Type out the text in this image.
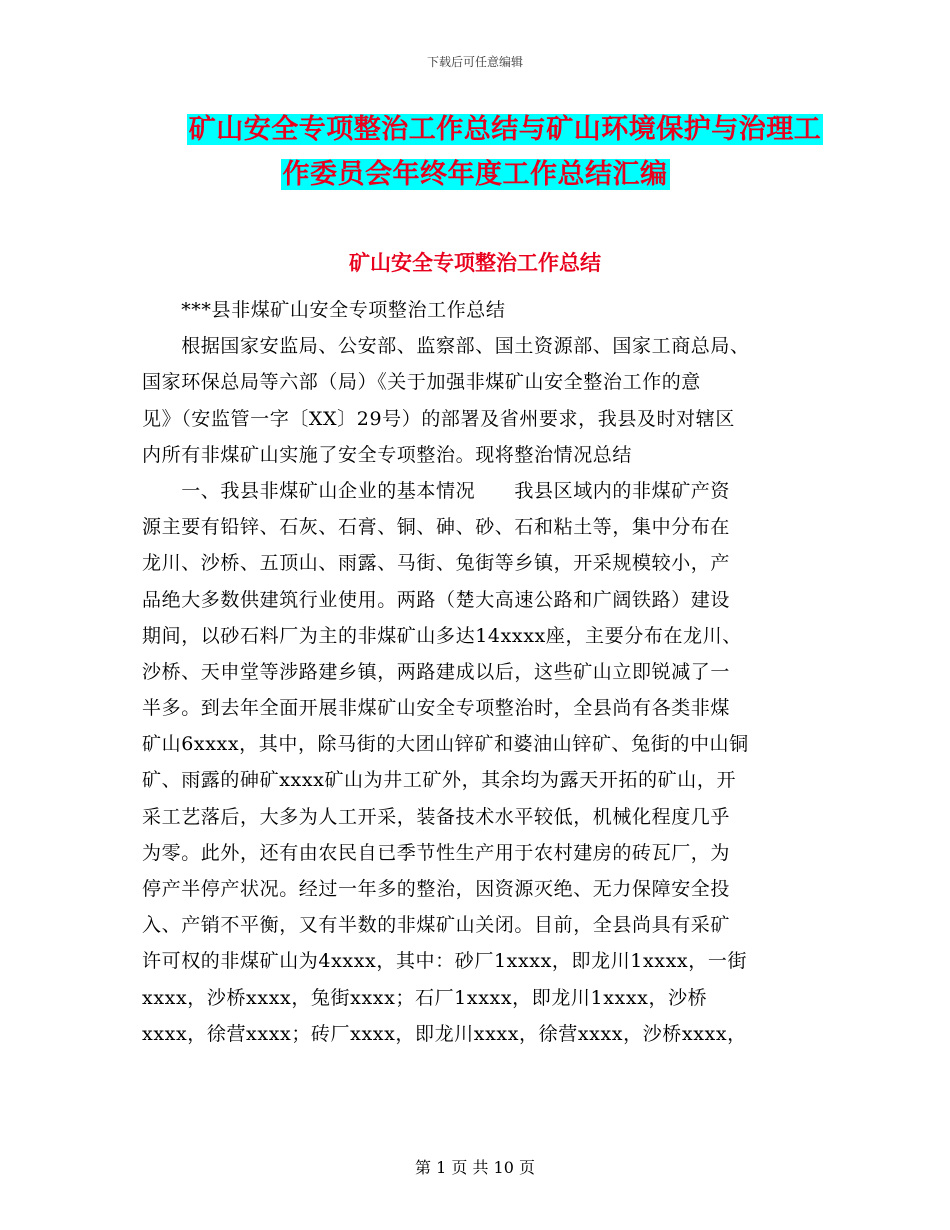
下载后可任意编辑
矿山安全专项整治工作总结与矿山环境保护与治理工
作委员会年终年度工作总结汇编
矿山安全专项整治工作总结
　　***县非煤矿山安全专项整治工作总结
　　根据国家安监局、公安部、监察部、国土资源部、国家工商总局、
国家环保总局等六部（局）《关于加强非煤矿山安全整治工作的意
见》（安监管一字〔XX〕29号）的部署及省州要求，我县及时对辖区
内所有非煤矿山实施了安全专项整治。现将整治情况总结
　　一、我县非煤矿山企业的基本情况　　我县区域内的非煤矿产资
源主要有铅锌、石灰、石膏、铜、砷、砂、石和粘土等，集中分布在
龙川、沙桥、五顶山、雨露、马街、兔街等乡镇，开采规模较小，产
品绝大多数供建筑行业使用。两路（楚大高速公路和广阔铁路）建设
期间，以砂石料厂为主的非煤矿山多达14xxxx座，主要分布在龙川、
沙桥、天申堂等涉路建乡镇，两路建成以后，这些矿山立即锐减了一
半多。到去年全面开展非煤矿山安全专项整治时，全县尚有各类非煤
矿山6xxxx，其中，除马街的大团山锌矿和婆油山锌矿、兔街的中山铜
矿、雨露的砷矿xxxx矿山为井工矿外，其余均为露天开拓的矿山，开
采工艺落后，大多为人工开采，装备技术水平较低，机械化程度几乎
为零。此外，还有由农民自已季节性生产用于农村建房的砖瓦厂，为
停产半停产状况。经过一年多的整治，因资源灭绝、无力保障安全投
入、产销不平衡，又有半数的非煤矿山关闭。目前，全县尚具有采矿
许可权的非煤矿山为4xxxx，其中：砂厂1xxxx，即龙川1xxxx，一街
xxxx，沙桥xxxx，兔街xxxx；石厂1xxxx，即龙川1xxxx，沙桥
xxxx，徐营xxxx；砖厂xxxx，即龙川xxxx，徐营xxxx，沙桥xxxx，
第 1 页 共 10 页
